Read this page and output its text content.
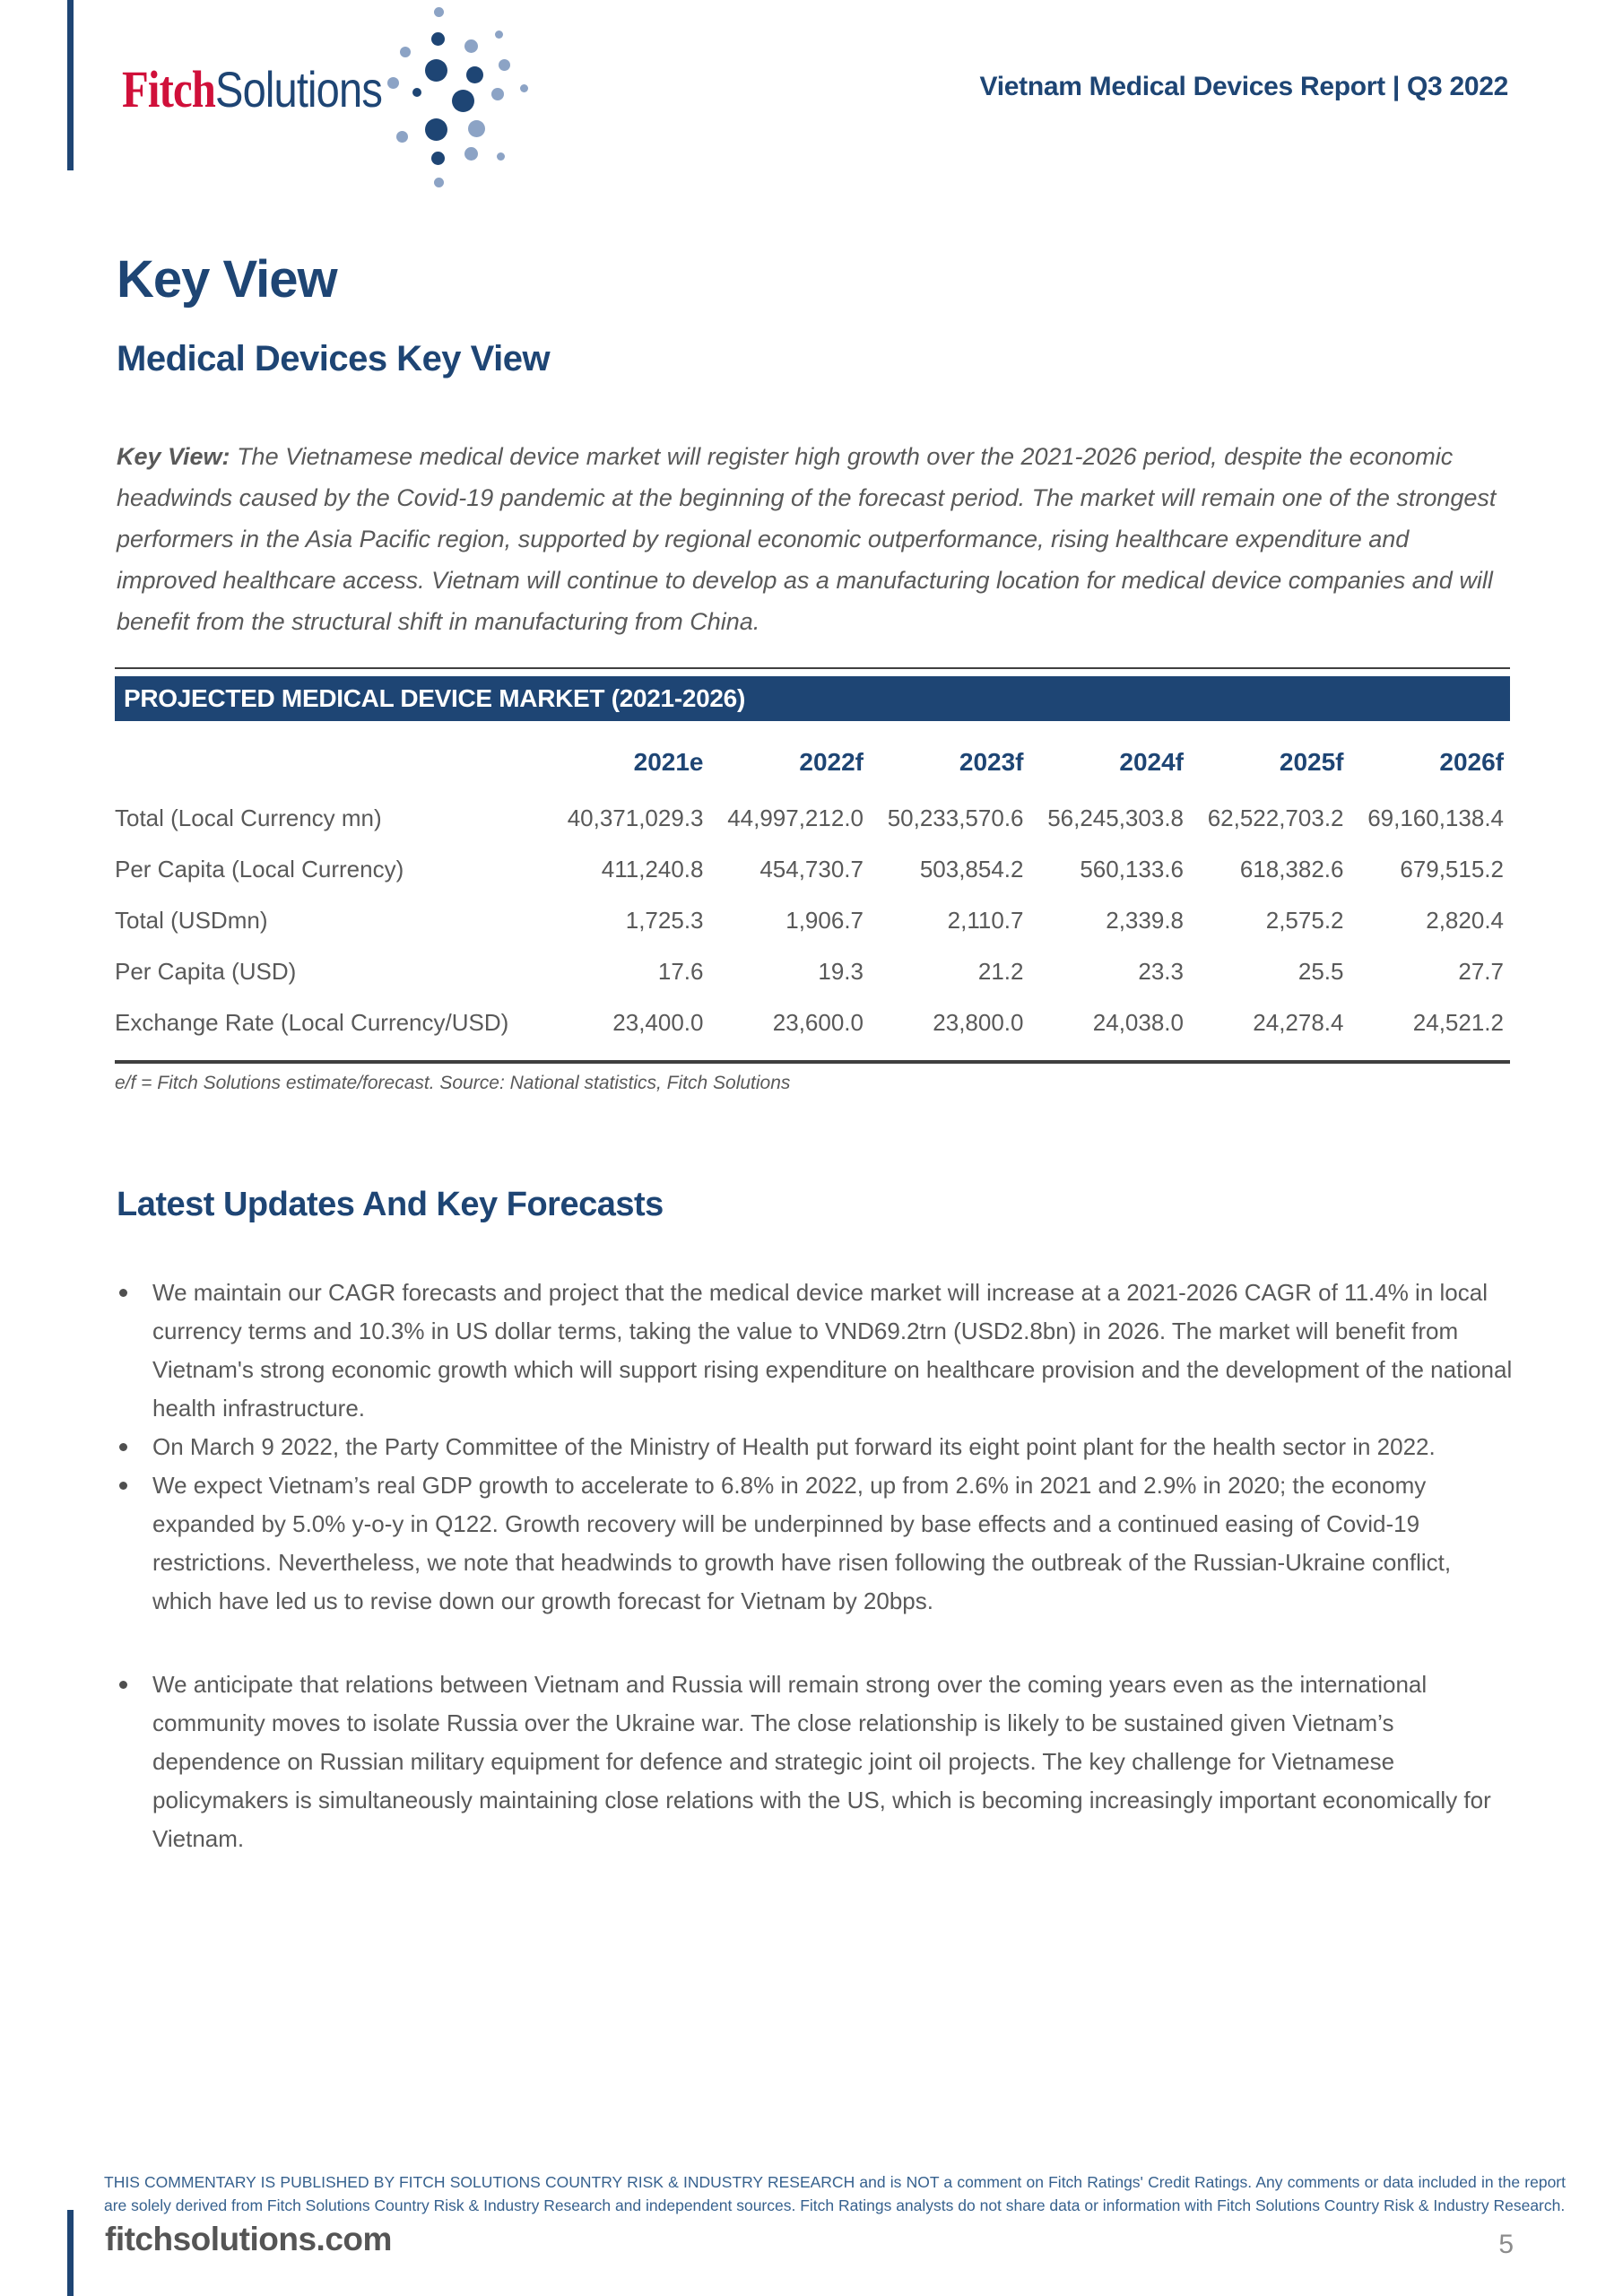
FitchSolutions	Vietnam Medical Devices Report | Q3 2022
Key View
Medical Devices Key View
Key View: The Vietnamese medical device market will register high growth over the 2021-2026 period, despite the economic headwinds caused by the Covid-19 pandemic at the beginning of the forecast period. The market will remain one of the strongest performers in the Asia Pacific region, supported by regional economic outperformance, rising healthcare expenditure and improved healthcare access. Vietnam will continue to develop as a manufacturing location for medical device companies and will benefit from the structural shift in manufacturing from China.
PROJECTED MEDICAL DEVICE MARKET (2021-2026)
2021e	2022f	2023f	2024f	2025f	2026f
Total (Local Currency mn)	40,371,029.3	44,997,212.0	50,233,570.6	56,245,303.8	62,522,703.2	69,160,138.4
Per Capita (Local Currency)	411,240.8	454,730.7	503,854.2	560,133.6	618,382.6	679,515.2
Total (USDmn)	1,725.3	1,906.7	2,110.7	2,339.8	2,575.2	2,820.4
Per Capita (USD)	17.6	19.3	21.2	23.3	25.5	27.7
Exchange Rate (Local Currency/USD)	23,400.0	23,600.0	23,800.0	24,038.0	24,278.4	24,521.2
e/f = Fitch Solutions estimate/forecast. Source: National statistics, Fitch Solutions
Latest Updates And Key Forecasts
We maintain our CAGR forecasts and project that the medical device market will increase at a 2021-2026 CAGR of 11.4% in local currency terms and 10.3% in US dollar terms, taking the value to VND69.2trn (USD2.8bn) in 2026. The market will benefit from Vietnam's strong economic growth which will support rising expenditure on healthcare provision and the development of the national health infrastructure.
On March 9 2022, the Party Committee of the Ministry of Health put forward its eight point plant for the health sector in 2022.
We expect Vietnam’s real GDP growth to accelerate to 6.8% in 2022, up from 2.6% in 2021 and 2.9% in 2020; the economy expanded by 5.0% y-o-y in Q122. Growth recovery will be underpinned by base effects and a continued easing of Covid-19 restrictions. Nevertheless, we note that headwinds to growth have risen following the outbreak of the Russian-Ukraine conflict, which have led us to revise down our growth forecast for Vietnam by 20bps.
We anticipate that relations between Vietnam and Russia will remain strong over the coming years even as the international community moves to isolate Russia over the Ukraine war. The close relationship is likely to be sustained given Vietnam’s dependence on Russian military equipment for defence and strategic joint oil projects. The key challenge for Vietnamese policymakers is simultaneously maintaining close relations with the US, which is becoming increasingly important economically for Vietnam.
THIS COMMENTARY IS PUBLISHED BY FITCH SOLUTIONS COUNTRY RISK & INDUSTRY RESEARCH and is NOT a comment on Fitch Ratings' Credit Ratings. Any comments or data included in the report are solely derived from Fitch Solutions Country Risk & Industry Research and independent sources. Fitch Ratings analysts do not share data or information with Fitch Solutions Country Risk & Industry Research.
fitchsolutions.com	5
